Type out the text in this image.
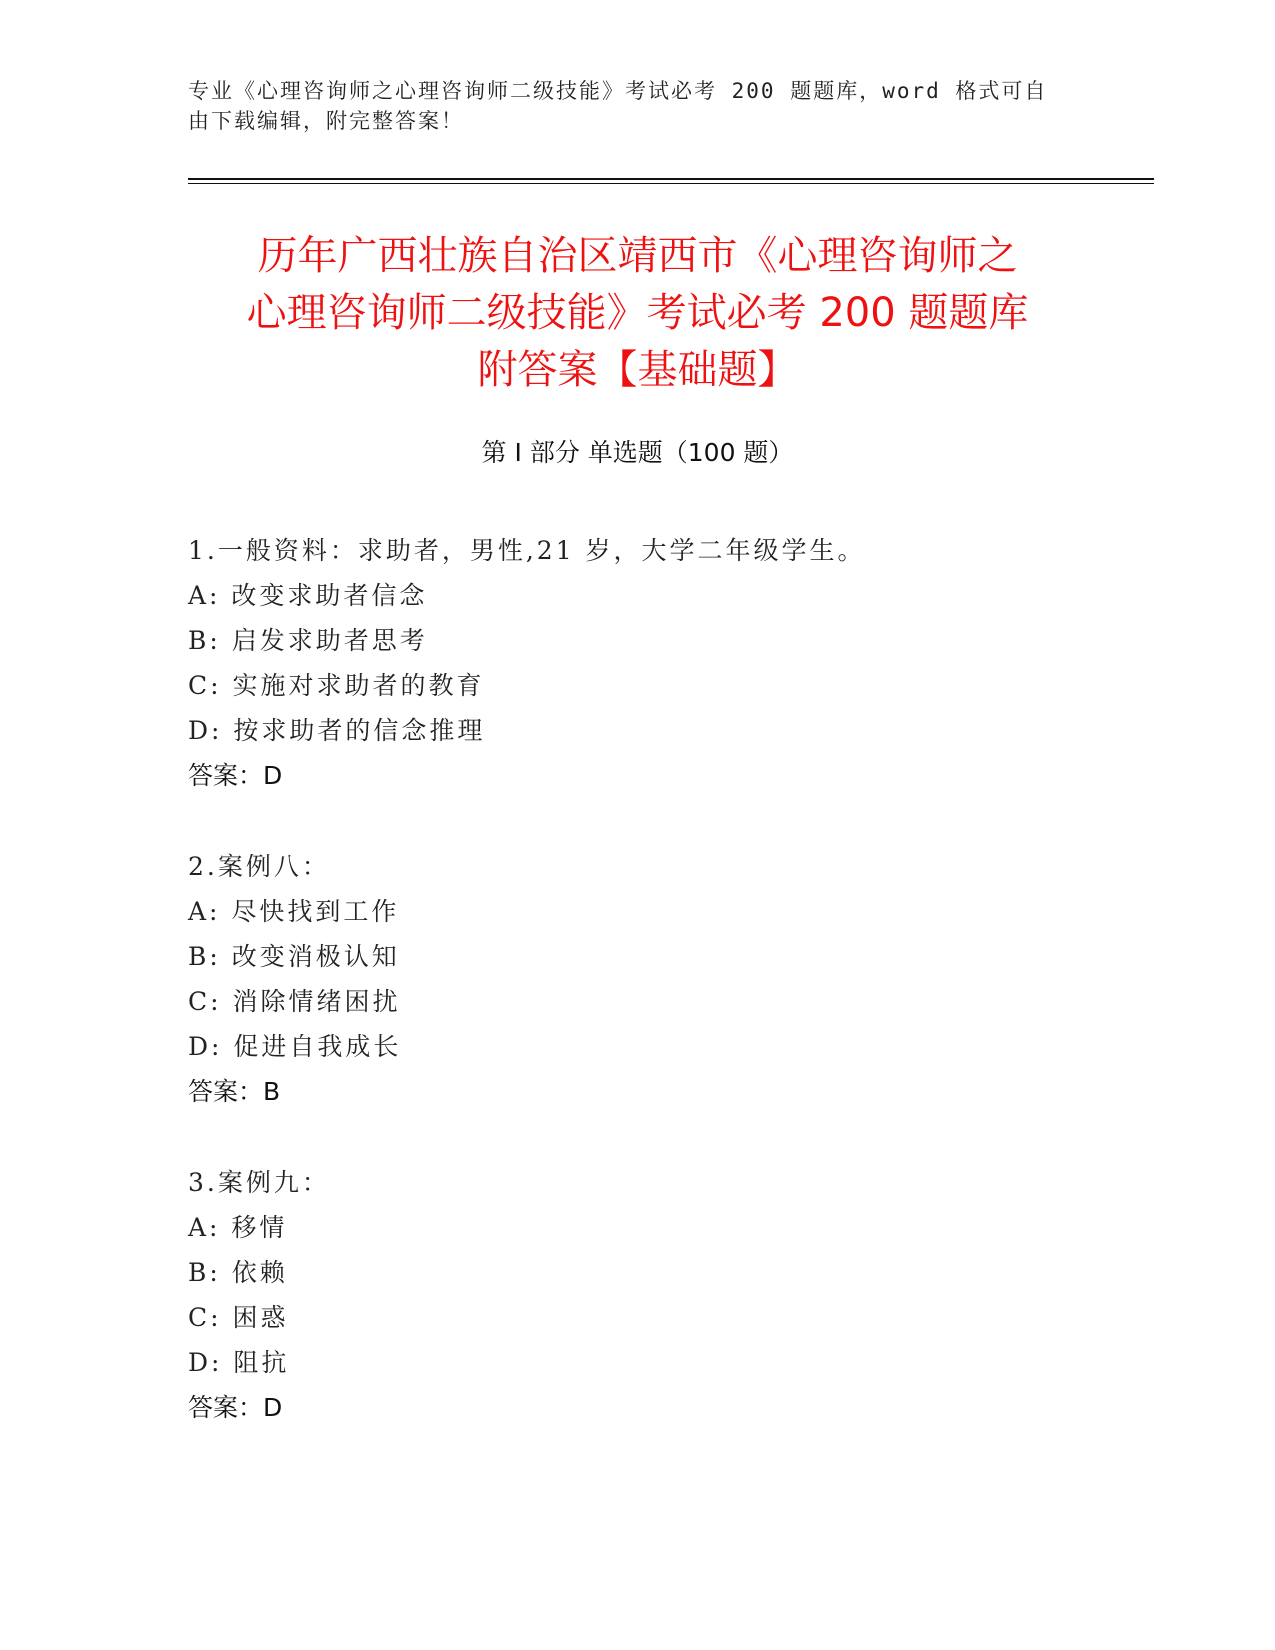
专业《心理咨询师之心理咨询师二级技能》考试必考 200 题题库，word 格式可自
由下载编辑，附完整答案！
历年广西壮族自治区靖西市《心理咨询师之
心理咨询师二级技能》考试必考 200 题题库
附答案【基础题】
第 I 部分 单选题（100 题）
1.一般资料：求助者，男性,21 岁，大学二年级学生。
A: 改变求助者信念
B: 启发求助者思考
C: 实施对求助者的教育
D: 按求助者的信念推理
答案：D
2.案例八：
A: 尽快找到工作
B: 改变消极认知
C: 消除情绪困扰
D: 促进自我成长
答案：B
3.案例九：
A: 移情
B: 依赖
C: 困惑
D: 阻抗
答案：D
